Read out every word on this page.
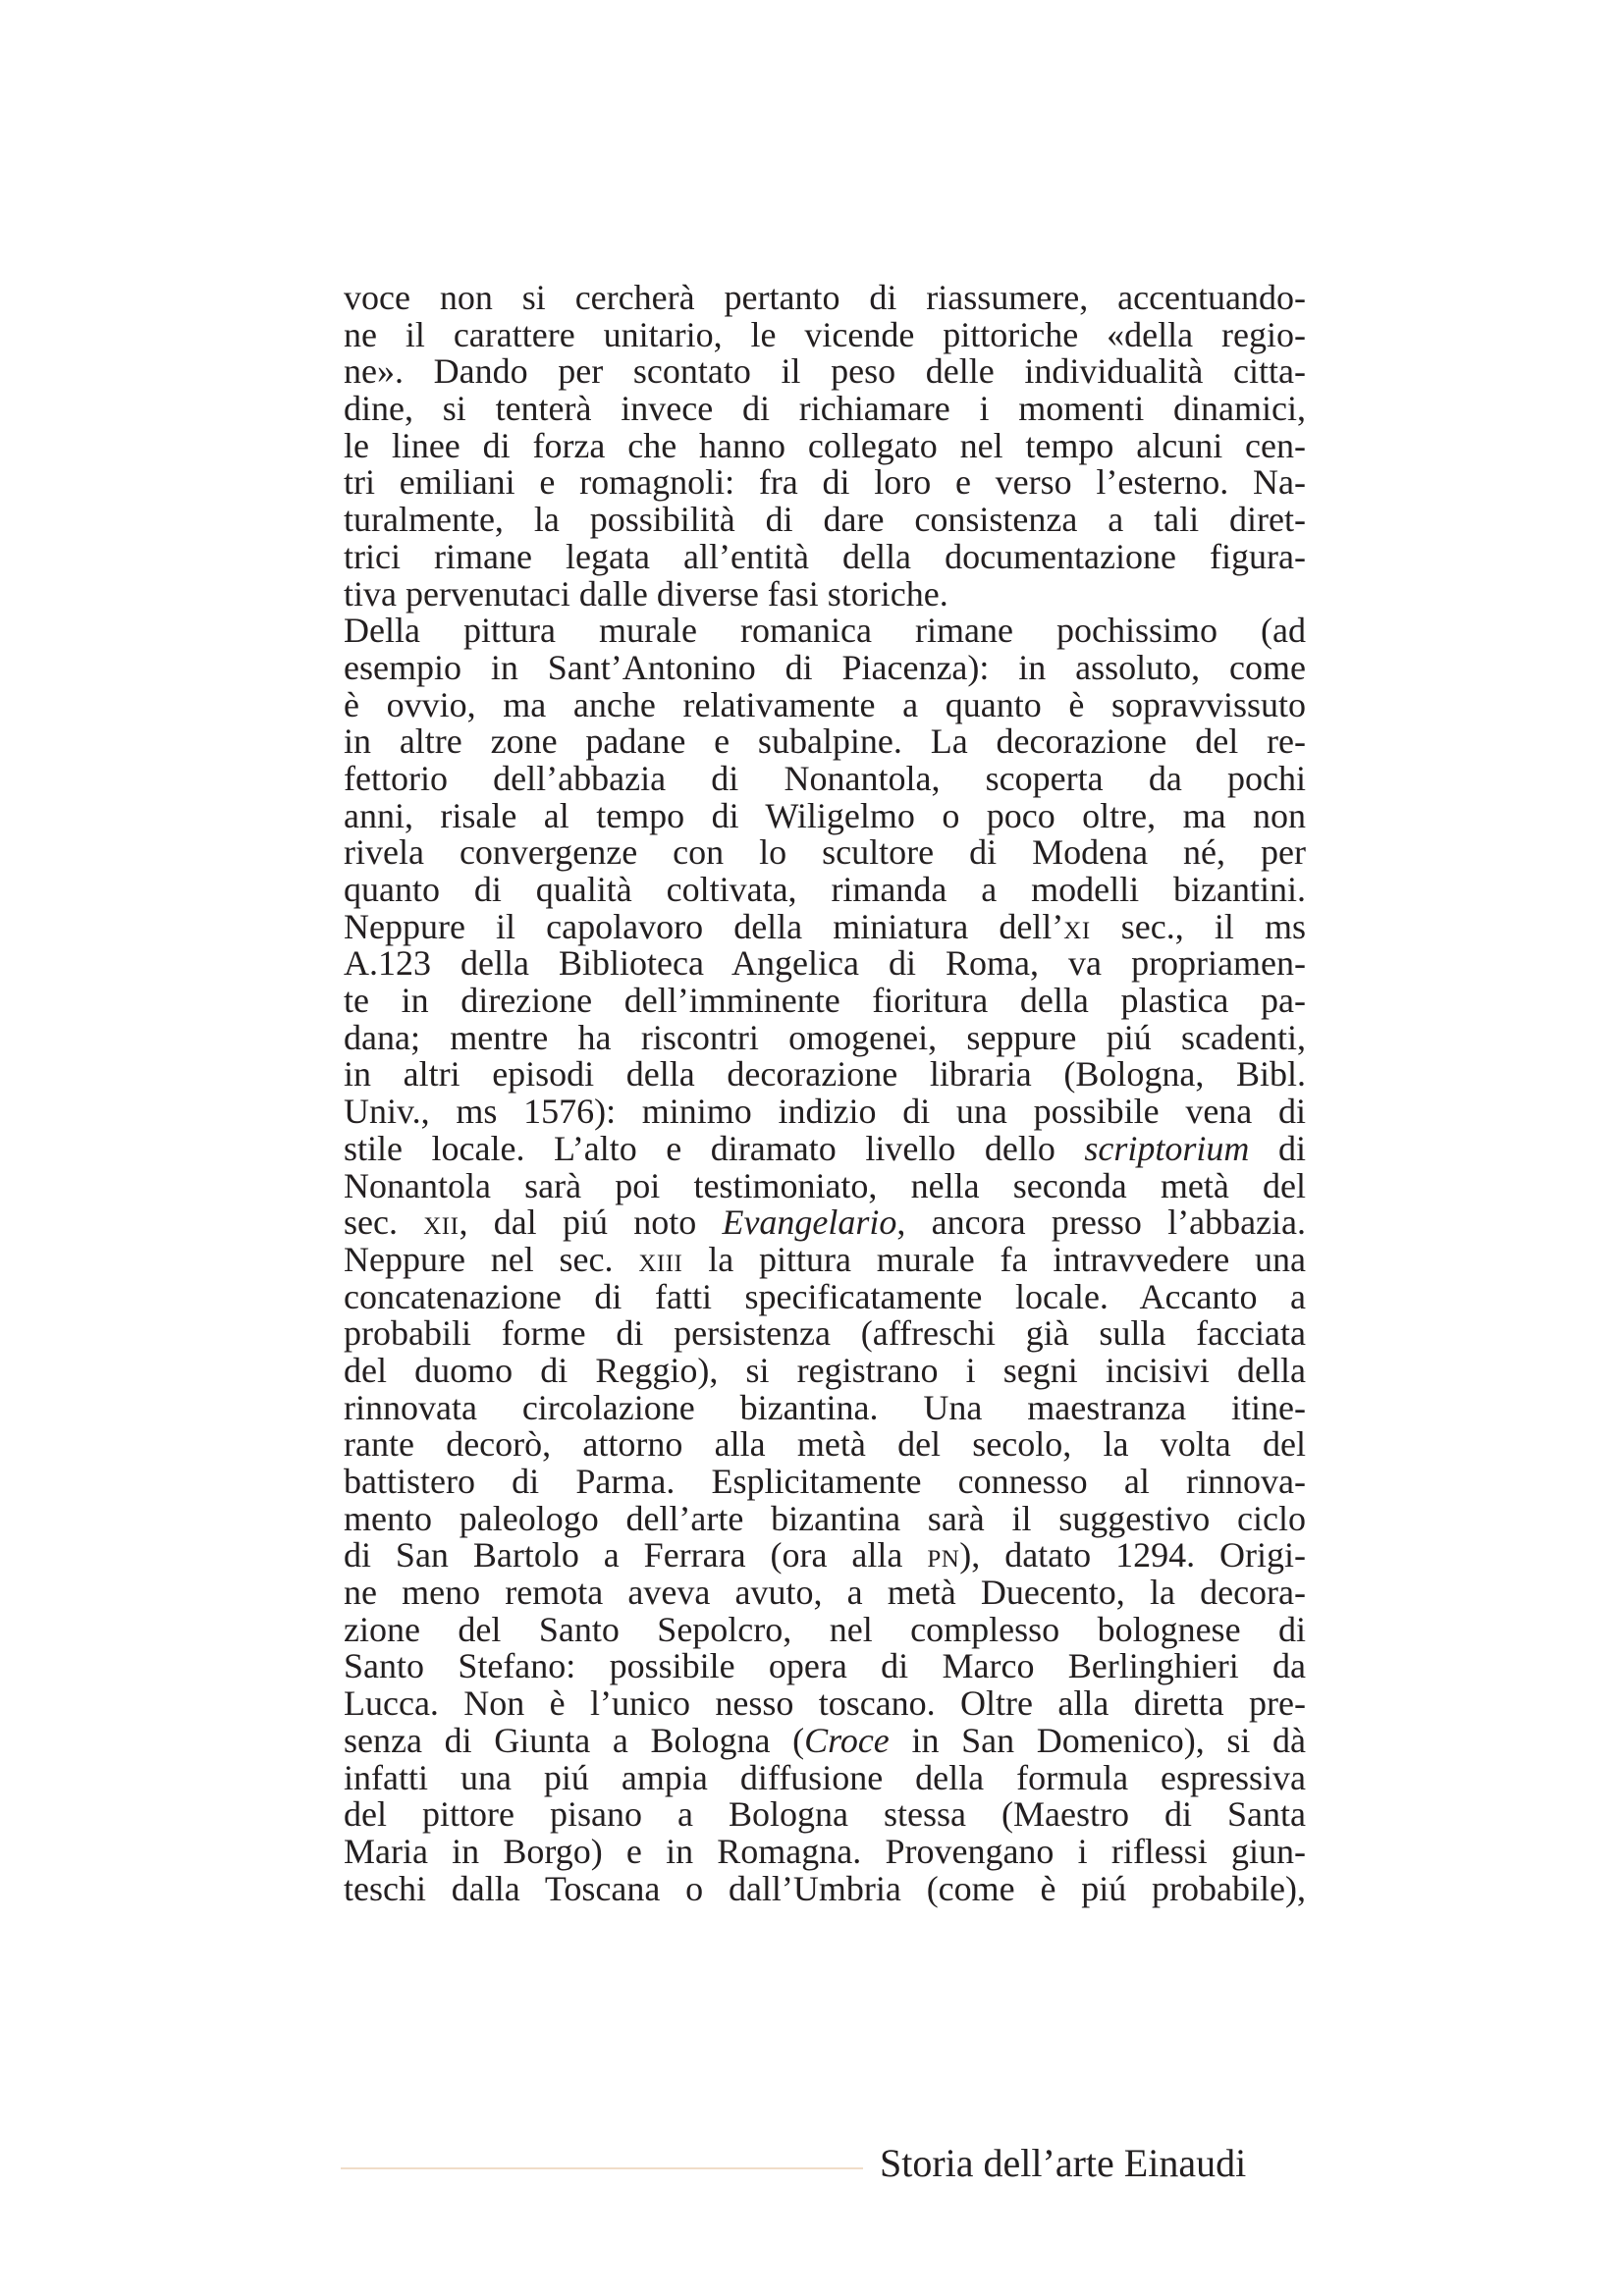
voce non si cercherà pertanto di riassumere, accentuando-
ne il carattere unitario, le vicende pittoriche «della regio-
ne». Dando per scontato il peso delle individualità citta-
dine, si tenterà invece di richiamare i momenti dinamici,
le linee di forza che hanno collegato nel tempo alcuni cen-
tri emiliani e romagnoli: fra di loro e verso l’esterno. Na-
turalmente, la possibilità di dare consistenza a tali diret-
trici rimane legata all’entità della documentazione figura-
tiva pervenutaci dalle diverse fasi storiche.
Della pittura murale romanica rimane pochissimo (ad
esempio in Sant’Antonino di Piacenza): in assoluto, come
è ovvio, ma anche relativamente a quanto è sopravvissuto
in altre zone padane e subalpine. La decorazione del re-
fettorio dell’abbazia di Nonantola, scoperta da pochi
anni, risale al tempo di Wiligelmo o poco oltre, ma non
rivela convergenze con lo scultore di Modena né, per
quanto di qualità coltivata, rimanda a modelli bizantini.
Neppure il capolavoro della miniatura dell’xi sec., il ms
A.123 della Biblioteca Angelica di Roma, va propriamen-
te in direzione dell’imminente fioritura della plastica pa-
dana; mentre ha riscontri omogenei, seppure piú scadenti,
in altri episodi della decorazione libraria (Bologna, Bibl.
Univ., ms 1576): minimo indizio di una possibile vena di
stile locale. L’alto e diramato livello dello scriptorium di
Nonantola sarà poi testimoniato, nella seconda metà del
sec. xii, dal piú noto Evangelario, ancora presso l’abbazia.
Neppure nel sec. xiii la pittura murale fa intravvedere una
concatenazione di fatti specificatamente locale. Accanto a
probabili forme di persistenza (affreschi già sulla facciata
del duomo di Reggio), si registrano i segni incisivi della
rinnovata circolazione bizantina. Una maestranza itine-
rante decorò, attorno alla metà del secolo, la volta del
battistero di Parma. Esplicitamente connesso al rinnova-
mento paleologo dell’arte bizantina sarà il suggestivo ciclo
di San Bartolo a Ferrara (ora alla pn), datato 1294. Origi-
ne meno remota aveva avuto, a metà Duecento, la decora-
zione del Santo Sepolcro, nel complesso bolognese di
Santo Stefano: possibile opera di Marco Berlinghieri da
Lucca. Non è l’unico nesso toscano. Oltre alla diretta pre-
senza di Giunta a Bologna (Croce in San Domenico), si dà
infatti una piú ampia diffusione della formula espressiva
del pittore pisano a Bologna stessa (Maestro di Santa
Maria in Borgo) e in Romagna. Provengano i riflessi giun-
teschi dalla Toscana o dall’Umbria (come è piú probabile),
Storia dell’arte Einaudi
